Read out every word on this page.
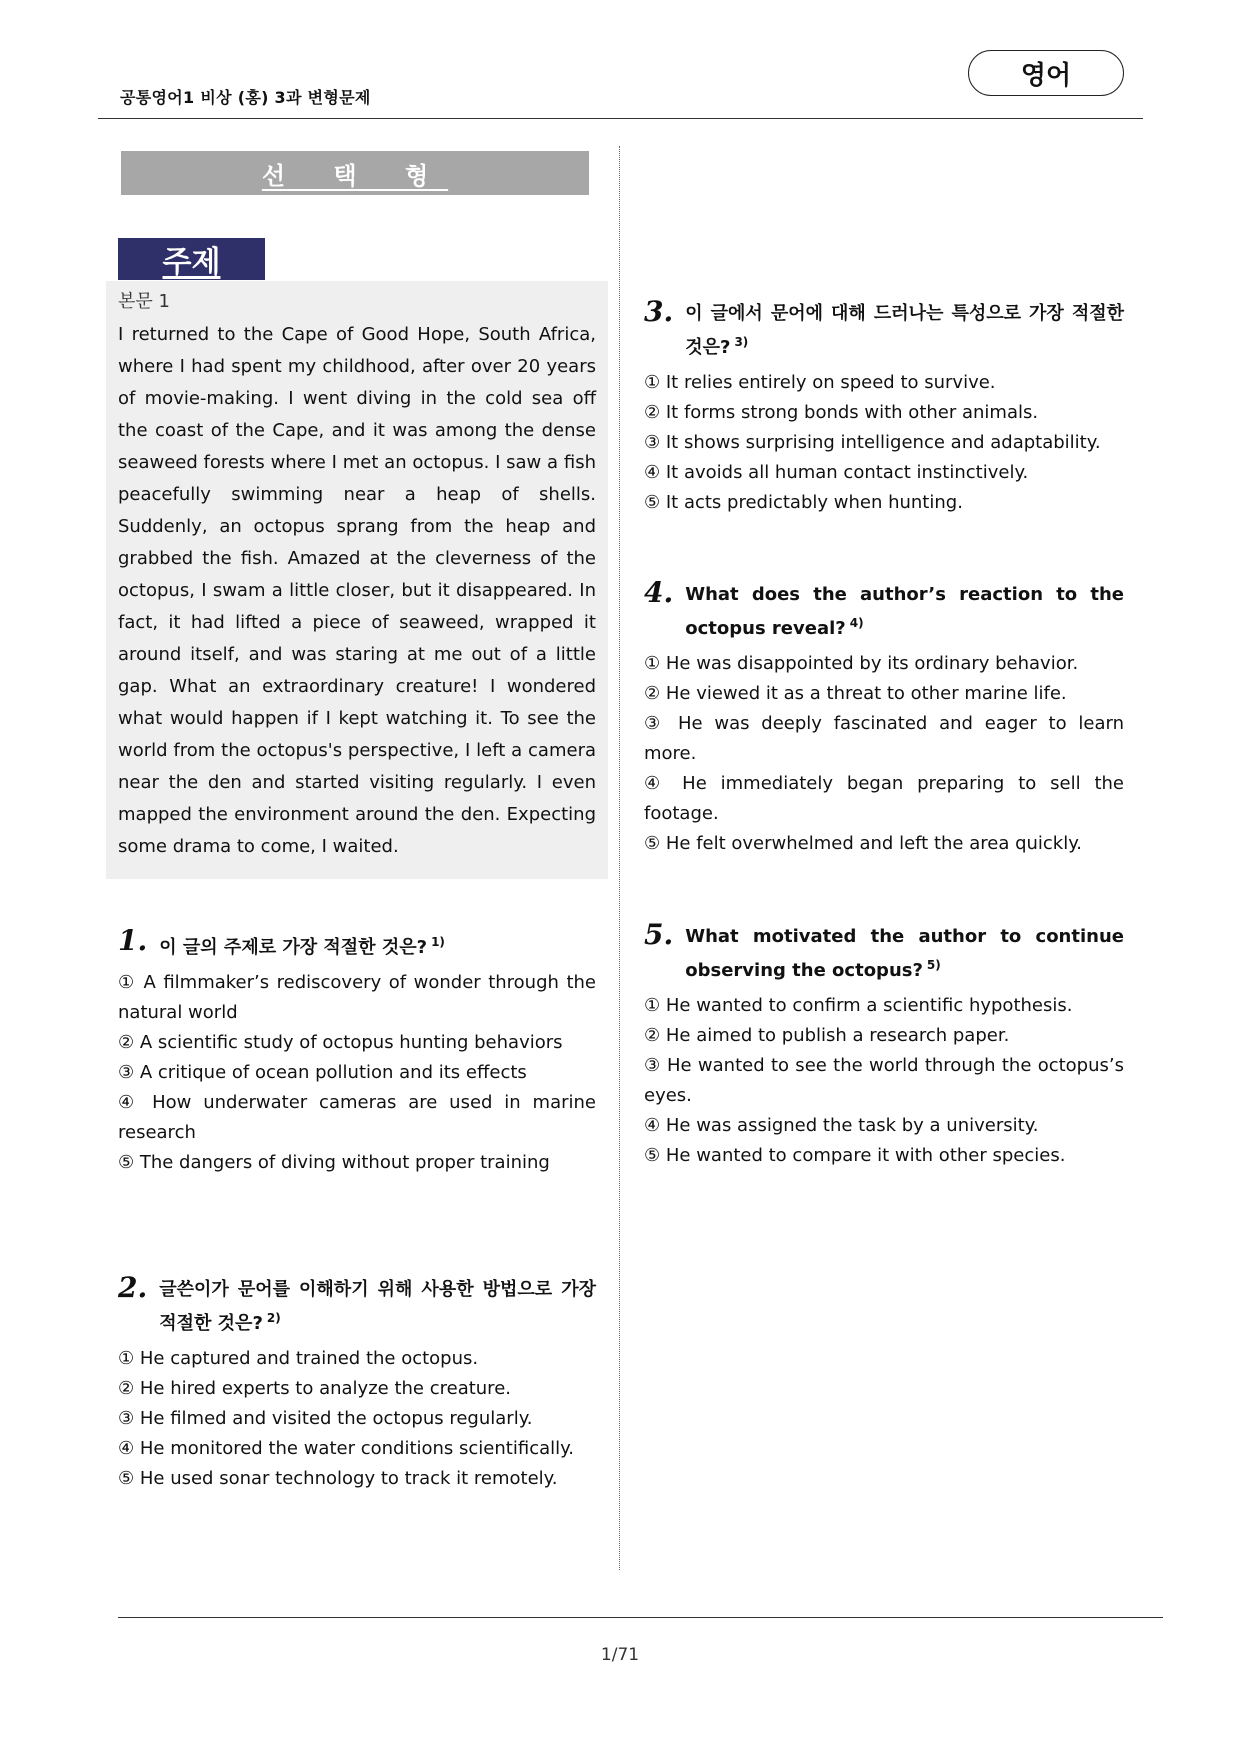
공통영어1 비상 (홍) 3과 변형문제
영어
선 택 형
주제
본문 1
I returned to the Cape of Good Hope, South Africa, where I had spent my childhood, after over 20 years of movie-making. I went diving in the cold sea off the coast of the Cape, and it was among the dense seaweed forests where I met an octopus. I saw a fish peacefully swimming near a heap of shells. Suddenly, an octopus sprang from the heap and grabbed the fish. Amazed at the cleverness of the octopus, I swam a little closer, but it disappeared. In fact, it had lifted a piece of seaweed, wrapped it around itself, and was staring at me out of a little gap. What an extraordinary creature! I wondered what would happen if I kept watching it. To see the world from the octopus's perspective, I left a camera near the den and started visiting regularly. I even mapped the environment around the den. Expecting some drama to come, I waited.
1. 이 글의 주제로 가장 적절한 것은? $^{1)}$
① A filmmaker’s rediscovery of wonder through the natural world
② A scientific study of octopus hunting behaviors
③ A critique of ocean pollution and its effects
④ How underwater cameras are used in marine research
⑤ The dangers of diving without proper training
2. 글쓴이가 문어를 이해하기 위해 사용한 방법으로 가장 적절한 것은? $^{2)}$
① He captured and trained the octopus.
② He hired experts to analyze the creature.
③ He filmed and visited the octopus regularly.
④ He monitored the water conditions scientifically.
⑤ He used sonar technology to track it remotely.
3. 이 글에서 문어에 대해 드러나는 특성으로 가장 적절한 것은? $^{3)}$
① It relies entirely on speed to survive.
② It forms strong bonds with other animals.
③ It shows surprising intelligence and adaptability.
④ It avoids all human contact instinctively.
⑤ It acts predictably when hunting.
4. What does the author’s reaction to the octopus reveal? $^{4)}$
① He was disappointed by its ordinary behavior.
② He viewed it as a threat to other marine life.
③ He was deeply fascinated and eager to learn more.
④ He immediately began preparing to sell the footage.
⑤ He felt overwhelmed and left the area quickly.
5. What motivated the author to continue observing the octopus? $^{5)}$
① He wanted to confirm a scientific hypothesis.
② He aimed to publish a research paper.
③ He wanted to see the world through the octopus’s eyes.
④ He was assigned the task by a university.
⑤ He wanted to compare it with other species.
1/71
